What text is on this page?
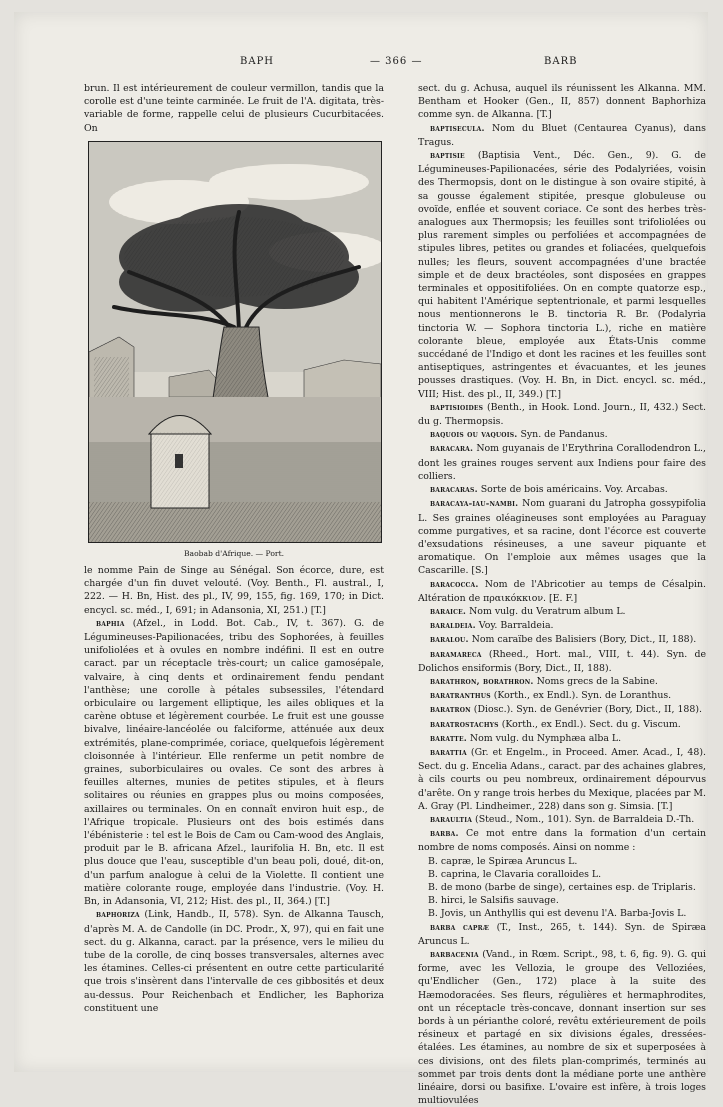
BAPH	— 366 —	BARB

brun. Il est intérieurement de couleur vermillon, tandis que la corolle est d'une teinte carminée. Le fruit de l'A. digitata, très-variable de forme, rappelle celui de plusieurs Cucurbitacées. On

Baobab d'Afrique. — Port.

le nomme Pain de Singe au Sénégal. Son écorce, dure, est chargée d'un fin duvet velouté. (Voy. Benth., Fl. austral., I, 222. — H. Bn, Hist. des pl., IV, 99, 155, fig. 169, 170; in Dict. encycl. sc. méd., I, 691; in Adansonia, XI, 251.) [T.]

baphia (Afzel., in Lodd. Bot. Cab., IV, t. 367). G. de Légumineuses-Papilionacées, tribu des Sophorées, à feuilles unifoliolées et à ovules en nombre indéfini. Il est en outre caract. par un réceptacle très-court; un calice gamosépale, valvaire, à cinq dents et ordinairement fendu pendant l'anthèse; une corolle à pétales subsessiles, l'étendard orbiculaire ou largement elliptique, les ailes obliques et la carène obtuse et légèrement courbée. Le fruit est une gousse bivalve, linéaire-lancéolée ou falciforme, atténuée aux deux extrémités, plane-comprimée, coriace, quelquefois légèrement cloisonnée à l'intérieur. Elle renferme un petit nombre de graines, suborbiculaires ou ovales. Ce sont des arbres à feuilles alternes, munies de petites stipules, et à fleurs solitaires ou réunies en grappes plus ou moins composées, axillaires ou terminales. On en connaît environ huit esp., de l'Afrique tropicale. Plusieurs ont des bois estimés dans l'ébénisterie : tel est le Bois de Cam ou Cam-wood des Anglais, produit par le B. africana Afzel., laurifolia H. Bn, etc. Il est plus douce que l'eau, susceptible d'un beau poli, doué, dit-on, d'un parfum analogue à celui de la Violette. Il contient une matière colorante rouge, employée dans l'industrie. (Voy. H. Bn, in Adansonia, VI, 212; Hist. des pl., II, 364.) [T.]

baphoriza (Link, Handb., II, 578). Syn. de Alkanna Tausch, d'après M. A. de Candolle (in DC. Prodr., X, 97), qui en fait une sect. du g. Alkanna, caract. par la présence, vers le milieu du tube de la corolle, de cinq bosses transversales, alternes avec les étamines. Celles-ci présentent en outre cette particularité que trois s'insèrent dans l'intervalle de ces gibbosités et deux au-dessus. Pour Reichenbach et Endlicher, les Baphoriza constituent une

sect. du g. Achusa, auquel ils réunissent les Alkanna. MM. Bentham et Hooker (Gen., II, 857) donnent Baphorhiza comme syn. de Alkanna. [T.]

baptisecula. Nom du Bluet (Centaurea Cyanus), dans Tragus.

baptisie (Baptisia Vent., Déc. Gen., 9). G. de Légumineuses-Papilionacées, série des Podalyriées, voisin des Thermopsis, dont on le distingue à son ovaire stipité, à sa gousse également stipitée, presque globuleuse ou ovoïde, enflée et souvent coriace. Ce sont des herbes très-analogues aux Thermopsis; les feuilles sont trifoliolées ou plus rarement simples ou perfoliées et accompagnées de stipules libres, petites ou grandes et foliacées, quelquefois nulles; les fleurs, souvent accompagnées d'une bractée simple et de deux bractéoles, sont disposées en grappes terminales et oppositifoliées. On en compte quatorze esp., qui habitent l'Amérique septentrionale, et parmi lesquelles nous mentionnerons le B. tinctoria R. Br. (Podalyria tinctoria W. — Sophora tinctoria L.), riche en matière colorante bleue, employée aux États-Unis comme succédané de l'Indigo et dont les racines et les feuilles sont antiseptiques, astringentes et évacuantes, et les jeunes pousses drastiques. (Voy. H. Bn, in Dict. encycl. sc. méd., VIII; Hist. des pl., II, 349.) [T.]

baptisioides (Benth., in Hook. Lond. Journ., II, 432.) Sect. du g. Thermopsis.

baquois ou vaquois. Syn. de Pandanus.

baracara. Nom guyanais de l'Erythrina Corallodendron L., dont les graines rouges servent aux Indiens pour faire des colliers.

baracaras. Sorte de bois américains. Voy. Arcabas.

baracaya-iau-nambi. Nom guarani du Jatropha gossypifolia L. Ses graines oléagineuses sont employées au Paraguay comme purgatives, et sa racine, dont l'écorce est couverte d'exsudations résineuses, a une saveur piquante et aromatique. On l'emploie aux mêmes usages que la Cascarille. [S.]

baracocca. Nom de l'Abricotier au temps de Césalpin. Altération de πραικόκκιον. [E. F.]

baraice. Nom vulg. du Veratrum album L.

baraldeia. Voy. Barraldeia.

baralou. Nom caraïbe des Balisiers (Bory, Dict., II, 188).

baramareca (Rheed., Hort. mal., VIII, t. 44). Syn. de Dolichos ensiformis (Bory, Dict., II, 188).

barathron, borathron. Noms grecs de la Sabine.

baratranthus (Korth., ex Endl.). Syn. de Loranthus.

baratron (Diosc.). Syn. de Genévrier (Bory, Dict., II, 188).

baratrostachys (Korth., ex Endl.). Sect. du g. Viscum.

baratte. Nom vulg. du Nymphæa alba L.

barattia (Gr. et Engelm., in Proceed. Amer. Acad., I, 48). Sect. du g. Encelia Adans., caract. par des achaines glabres, à cils courts ou peu nombreux, ordinairement dépourvus d'arête. On y range trois herbes du Mexique, placées par M. A. Gray (Pl. Lindheimer., 228) dans son g. Simsia. [T.]

baraultia (Steud., Nom., 101). Syn. de Barraldeia D.-Th.

barba. Ce mot entre dans la formation d'un certain nombre de noms composés. Ainsi on nomme :

B. capræ, le Spiræa Aruncus L.

B. caprina, le Clavaria coralloides L.

B. de mono (barbe de singe), certaines esp. de Triplaris.

B. hirci, le Salsifis sauvage.

B. Jovis, un Anthyllis qui est devenu l'A. Barba-Jovis L.

barba capræ (T., Inst., 265, t. 144). Syn. de Spiræa Aruncus L.

barbacenia (Vand., in Rœm. Script., 98, t. 6, fig. 9). G. qui forme, avec les Vellozia, le groupe des Velloziées, qu'Endlicher (Gen., 172) place à la suite des Hæmodoracées. Ses fleurs, régulières et hermaphrodites, ont un réceptacle très-concave, donnant insertion sur ses bords à un périanthe coloré, revêtu extérieurement de poils résineux et partagé en six divisions égales, dressées-étalées. Les étamines, au nombre de six et superposées à ces divisions, ont des filets plan-comprimés, terminés au sommet par trois dents dont la médiane porte une anthère linéaire, dorsi ou basifixe. L'ovaire est infère, à trois loges multiovulées
